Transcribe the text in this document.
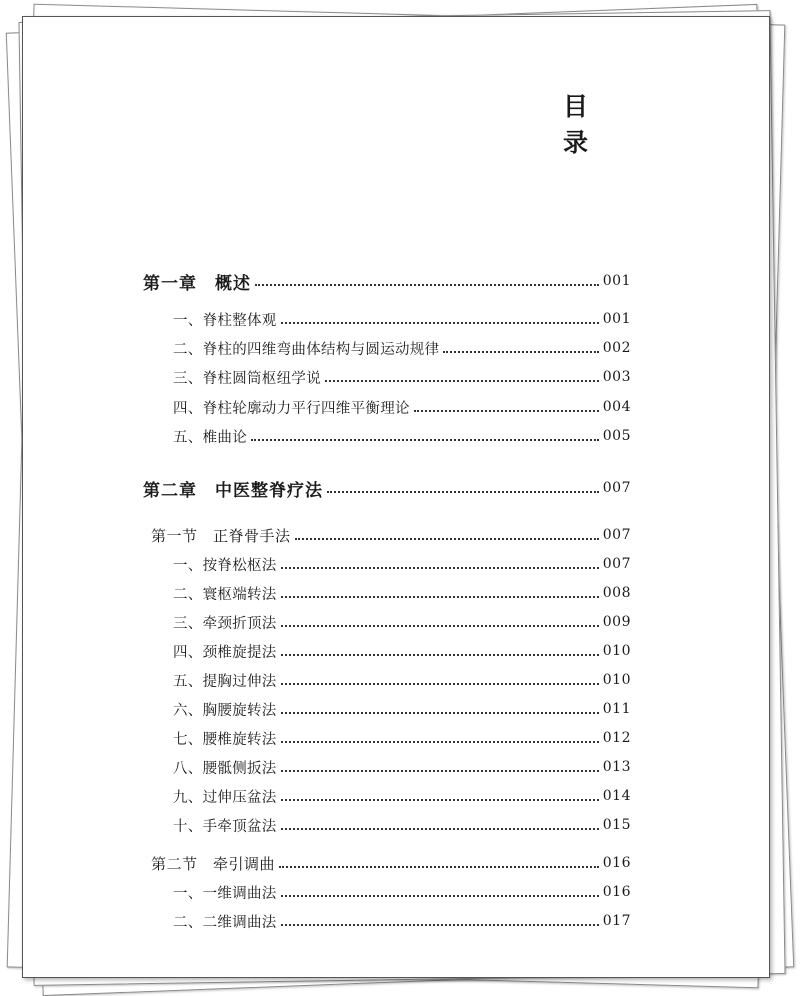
目 录
第一章　概述	001
一、脊柱整体观	001
二、脊柱的四维弯曲体结构与圆运动规律	002
三、脊柱圆筒枢纽学说	003
四、脊柱轮廓动力平行四维平衡理论	004
五、椎曲论	005
第二章　中医整脊疗法	007
第一节　正脊骨手法	007
一、按脊松枢法	007
二、寰枢端转法	008
三、牵颈折顶法	009
四、颈椎旋提法	010
五、提胸过伸法	010
六、胸腰旋转法	011
七、腰椎旋转法	012
八、腰骶侧扳法	013
九、过伸压盆法	014
十、手牵顶盆法	015
第二节　牵引调曲	016
一、一维调曲法	016
二、二维调曲法	017
